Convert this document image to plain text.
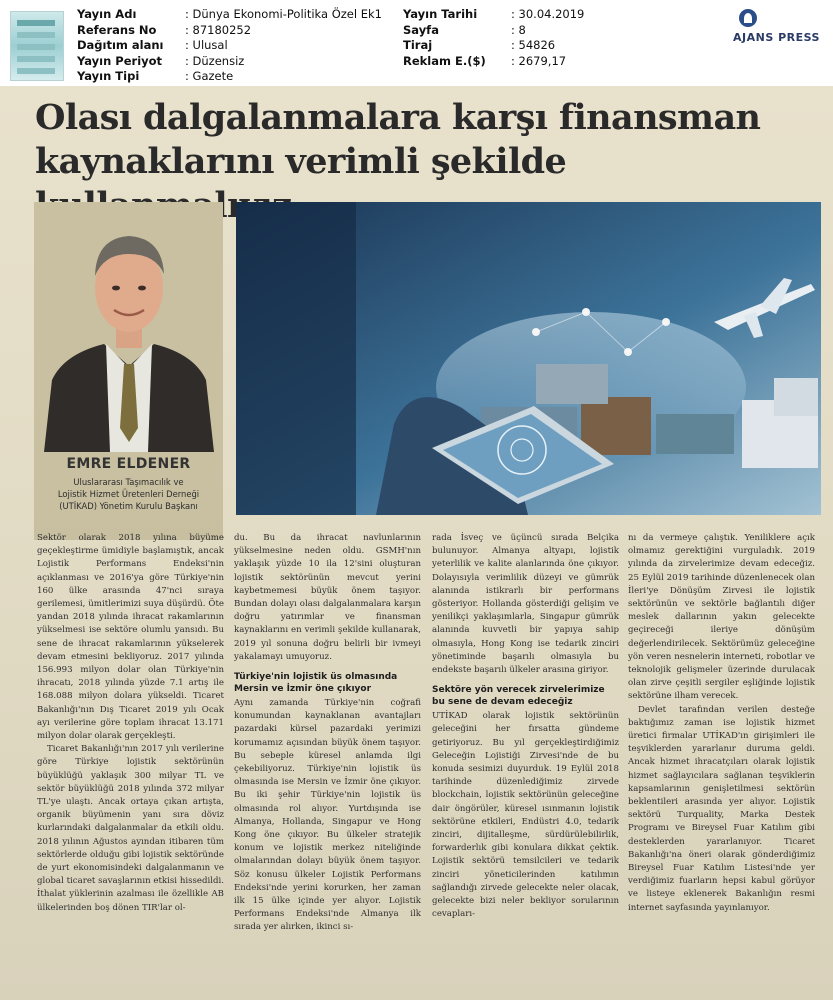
Yayın Adı	: Dünya Ekonomi-Politika Özel Ek1
Referans No	: 87180252
Dağıtım alanı	: Ulusal
Yayın Periyot	: Düzensiz
Yayın Tipi	: Gazete
Yayın Tarihi	: 30.04.2019
Sayfa	: 8
Tiraj	: 54826
Reklam E.($)	: 2679,17
AJANS PRESS
Olası dalgalanmalara karşı finansman
kaynaklarını verimli şekilde
EMRE ELDENER
Uluslararası Taşımacılık ve
Lojistik Hizmet Üretenleri Derneği
(UTİKAD) Yönetim Kurulu Başkanı

Sektör olarak 2018 yılına büyüme geçekleştirme ümidiyle başlamıştık, ancak Lojistik Performans Endeksi'nin açıklanması ve 2016'ya göre Türkiye'nin 160 ülke arasında 47'nci sıraya gerilemesi, ümitlerimizi suya düşürdü. Öte yandan 2018 yılında ihracat rakamlarının yükselmesi ise sektöre olumlu yansıdı. Bu sene de ihracat rakamlarının yükselerek devam etmesini bekliyoruz. 2017 yılında 156.993 milyon dolar olan Türkiye'nin ihracatı, 2018 yılında yüzde 7.1 artış ile 168.088 milyon dolara yükseldi. Ticaret Bakanlığı'nın Dış Ticaret 2019 yılı Ocak ayı verilerine göre toplam ihracat 13.171 milyon dolar olarak gerçekleşti.

Ticaret Bakanlığı'nın 2017 yılı verilerine göre Türkiye lojistik sektörünün büyüklüğü yaklaşık 300 milyar TL ve sektör büyüklüğü 2018 yılında 372 milyar TL'ye ulaştı. Ancak ortaya çıkan artışta, organik büyümenin yanı sıra döviz kurlarındaki dalgalanmalar da etkili oldu. 2018 yılının Ağustos ayından itibaren tüm sektörlerde olduğu gibi lojistik sektöründe de yurt ekonomisindeki dalgalanmanın ve global ticaret savaşlarının etkisi hissedildi. İthalat yüklerinin azalması ile özellikle AB ülkelerinden boş dönen TIR'lar ol-

du. Bu da ihracat navlunlarının yükselmesine neden oldu. GSMH'nın yaklaşık yüzde 10 ila 12'sini oluşturan lojistik sektörünün mevcut yerini kaybetmemesi büyük önem taşıyor. Bundan dolayı olası dalgalanmalara karşın doğru yatırımlar ve finansman kaynaklarını en verimli şekilde kullanarak, 2019 yıl sonuna doğru belirli bir ivmeyi yakalamayı umuyoruz.

Türkiye'nin lojistik üs olmasında Mersin ve İzmir öne çıkıyor

Aynı zamanda Türkiye'nin coğrafi konumundan kaynaklanan avantajları pazardaki kürsel pazardaki yerimizi korumamız açısından büyük önem taşıyor. Bu sebeple küresel anlamda ilgi çekebiliyoruz. Türkiye'nin lojistik üs olmasında ise Mersin ve İzmir öne çıkıyor. Bu iki şehir Türkiye'nin lojistik üs olmasında rol alıyor. Yurtdışında ise Almanya, Hollanda, Singapur ve Hong Kong öne çıkıyor. Bu ülkeler stratejik konum ve lojistik merkez niteliğinde olmalarından dolayı büyük önem taşıyor. Söz konusu ülkeler Lojistik Performans Endeksi'nde yerini korurken, her zaman ilk 15 ülke içinde yer alıyor. Lojistik Performans Endeksi'nde Almanya ilk sırada yer alırken, ikinci sı-

rada İsveç ve üçüncü sırada Belçika bulunuyor. Almanya altyapı, lojistik yeterlilik ve kalite alanlarında öne çıkıyor. Dolayısıyla verimlilik düzeyi ve gümrük alanında istikrarlı bir performans gösteriyor. Hollanda gösterdiği gelişim ve yenilikçi yaklaşımlarla, Singapur gümrük alanında kuvvetli bir yapıya sahip olmasıyla, Hong Kong ise tedarik zinciri yönetiminde başarılı olmasıyla bu endekste başarılı ülkeler arasına giriyor.

Sektöre yön verecek zirvelerimize bu sene de devam edeceğiz

UTİKAD olarak lojistik sektörünün geleceğini her fırsatta gündeme getiriyoruz. Bu yıl gerçekleştirdiğimiz Geleceğin Lojistiği Zirvesi'nde de bu konuda sesimizi duyurduk. 19 Eylül 2018 tarihinde düzenlediğimiz zirvede blockchain, lojistik sektörünün geleceğine dair öngörüler, küresel ısınmanın lojistik sektörüne etkileri, Endüstri 4.0, tedarik zinciri, dijitalleşme, sürdürülebilirlik, forwarderlık gibi konulara dikkat çektik. Lojistik sektörü temsilcileri ve tedarik zinciri yöneticilerinden katılımın sağlandığı zirvede gelecekte neler olacak, gelecekte bizi neler bekliyor sorularının cevapları-

nı da vermeye çalıştık. Yeniliklere açık olmamız gerektiğini vurguladık. 2019 yılında da zirvelerimize devam edeceğiz. 25 Eylül 2019 tarihinde düzenlenecek olan İleri'ye Dönüşüm Zirvesi ile lojistik sektörünün ve sektörle bağlantılı diğer meslek dallarının yakın gelecekte geçireceği ileriye dönüşüm değerlendirilecek. Sektörümüz geleceğine yön veren nesnelerin interneti, robotlar ve teknolojik gelişmeler üzerinde durulacak olan zirve çeşitli sergiler eşliğinde lojistik sektörüne ilham verecek.

Devlet tarafından verilen desteğe baktığımız zaman ise lojistik hizmet üretici firmalar UTİKAD'ın girişimleri ile teşviklerden yararlanır duruma geldi. Ancak hizmet ihracatçıları olarak lojistik hizmet sağlayıcılara sağlanan teşviklerin kapsamlarının genişletilmesi sektörün beklentileri arasında yer alıyor. Lojistik sektörü Turquality, Marka Destek Programı ve Bireysel Fuar Katılım gibi desteklerden yararlanıyor. Ticaret Bakanlığı'na öneri olarak gönderdiğimiz Bireysel Fuar Katılım Listesi'nde yer verdiğimiz fuarların hepsi kabul görüyor ve listeye eklenerek Bakanlığın resmi internet sayfasında yayınlanıyor.
